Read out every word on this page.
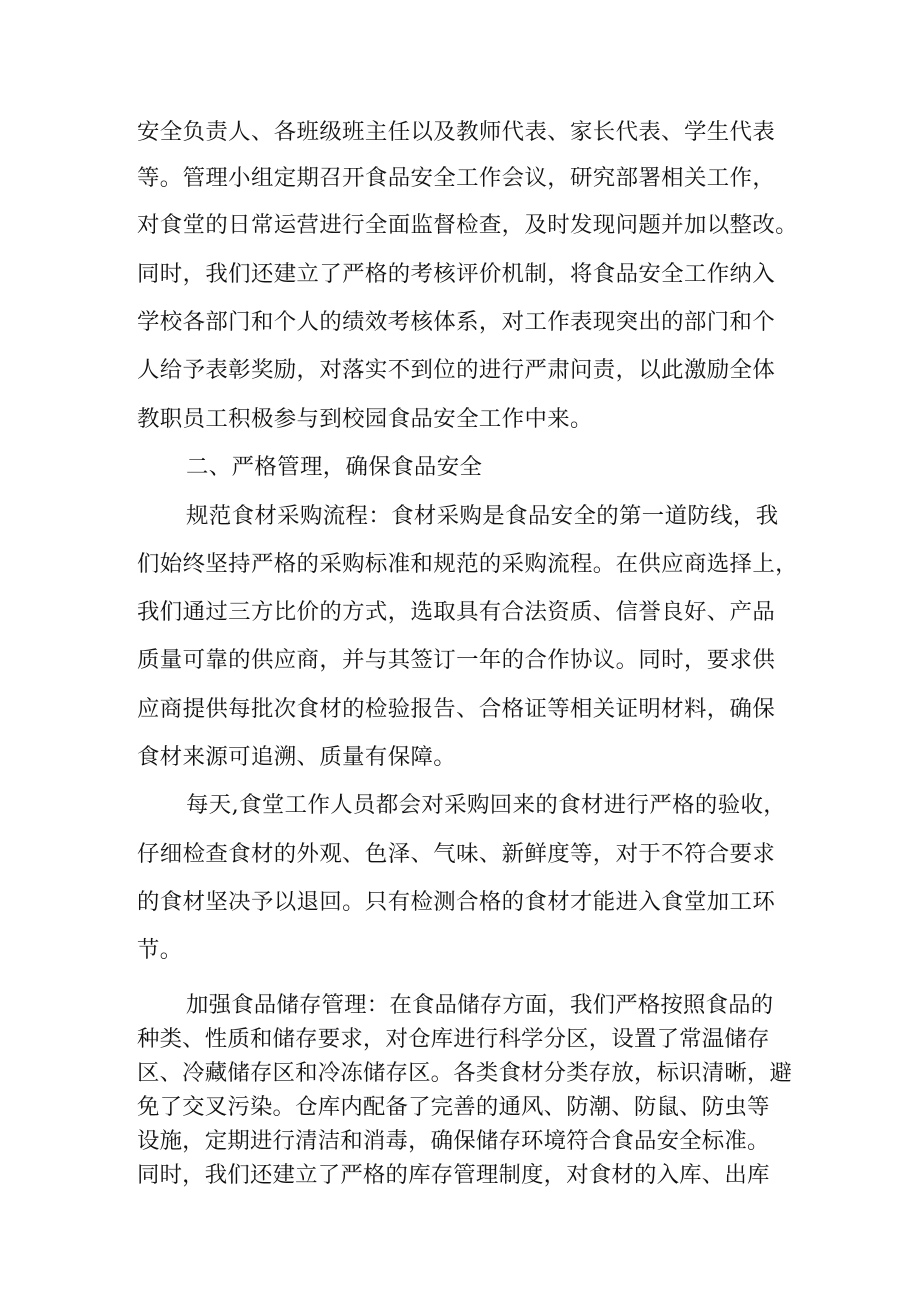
安全负责人、各班级班主任以及教师代表、家长代表、学生代表
等。管理小组定期召开食品安全工作会议，研究部署相关工作，
对食堂的日常运营进行全面监督检查，及时发现问题并加以整改。
同时，我们还建立了严格的考核评价机制，将食品安全工作纳入
学校各部门和个人的绩效考核体系，对工作表现突出的部门和个
人给予表彰奖励，对落实不到位的进行严肃问责，以此激励全体
教职员工积极参与到校园食品安全工作中来。
二、严格管理，确保食品安全
规范食材采购流程：食材采购是食品安全的第一道防线，我
们始终坚持严格的采购标准和规范的采购流程。在供应商选择上，
我们通过三方比价的方式，选取具有合法资质、信誉良好、产品
质量可靠的供应商，并与其签订一年的合作协议。同时，要求供
应商提供每批次食材的检验报告、合格证等相关证明材料，确保
食材来源可追溯、质量有保障。
每天,食堂工作人员都会对采购回来的食材进行严格的验收，
仔细检查食材的外观、色泽、气味、新鲜度等，对于不符合要求
的食材坚决予以退回。只有检测合格的食材才能进入食堂加工环
节。
加强食品储存管理：在食品储存方面，我们严格按照食品的
种类、性质和储存要求，对仓库进行科学分区，设置了常温储存
区、冷藏储存区和冷冻储存区。各类食材分类存放，标识清晰，避
免了交叉污染。仓库内配备了完善的通风、防潮、防鼠、防虫等
设施，定期进行清洁和消毒，确保储存环境符合食品安全标准。
同时，我们还建立了严格的库存管理制度，对食材的入库、出库
